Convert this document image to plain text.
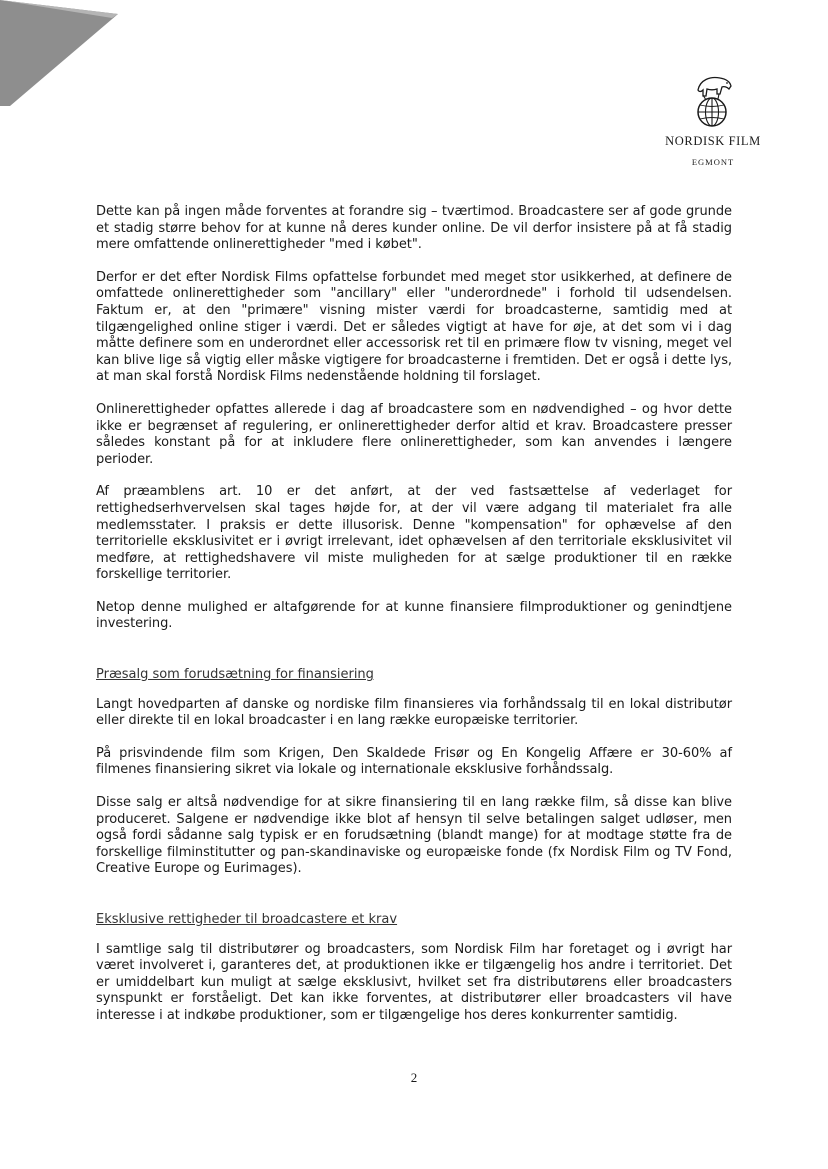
NORDISK FILM
EGMONT

Dette kan på ingen måde forventes at forandre sig – tværtimod. Broadcastere ser af gode grunde et stadig større behov for at kunne nå deres kunder online. De vil derfor insistere på at få stadig mere omfattende onlinerettigheder "med i købet".

Derfor er det efter Nordisk Films opfattelse forbundet med meget stor usikkerhed, at definere de omfattede onlinerettigheder som "ancillary" eller "underordnede" i forhold til udsendelsen. Faktum er, at den "primære" visning mister værdi for broadcasterne, samtidig med at tilgængelighed online stiger i værdi. Det er således vigtigt at have for øje, at det som vi i dag måtte definere som en underordnet eller accessorisk ret til en primære flow tv visning, meget vel kan blive lige så vigtig eller måske vigtigere for broadcasterne i fremtiden. Det er også i dette lys, at man skal forstå Nordisk Films nedenstående holdning til forslaget.

Onlinerettigheder opfattes allerede i dag af broadcastere som en nødvendighed – og hvor dette ikke er begrænset af regulering, er onlinerettigheder derfor altid et krav. Broadcastere presser således konstant på for at inkludere flere onlinerettigheder, som kan anvendes i længere perioder.

Af præamblens art. 10 er det anført, at der ved fastsættelse af vederlaget for rettighedserhvervelsen skal tages højde for, at der vil være adgang til materialet fra alle medlemsstater. I praksis er dette illusorisk. Denne "kompensation" for ophævelse af den territorielle eksklusivitet er i øvrigt irrelevant, idet ophævelsen af den territoriale eksklusivitet vil medføre, at rettighedshavere vil miste muligheden for at sælge produktioner til en række forskellige territorier.

Netop denne mulighed er altafgørende for at kunne finansiere filmproduktioner og genindtjene investering.

Præsalg som forudsætning for finansiering

Langt hovedparten af danske og nordiske film finansieres via forhåndssalg til en lokal distributør eller direkte til en lokal broadcaster i en lang række europæiske territorier.

På prisvindende film som Krigen, Den Skaldede Frisør og En Kongelig Affære er 30-60% af filmenes finansiering sikret via lokale og internationale eksklusive forhåndssalg.

Disse salg er altså nødvendige for at sikre finansiering til en lang række film, så disse kan blive produceret. Salgene er nødvendige ikke blot af hensyn til selve betalingen salget udløser, men også fordi sådanne salg typisk er en forudsætning (blandt mange) for at modtage støtte fra de forskellige filminstitutter og pan-skandinaviske og europæiske fonde (fx Nordisk Film og TV Fond, Creative Europe og Eurimages).

Eksklusive rettigheder til broadcastere et krav

I samtlige salg til distributører og broadcasters, som Nordisk Film har foretaget og i øvrigt har været involveret i, garanteres det, at produktionen ikke er tilgængelig hos andre i territoriet. Det er umiddelbart kun muligt at sælge eksklusivt, hvilket set fra distributørens eller broadcasters synspunkt er forståeligt. Det kan ikke forventes, at distributører eller broadcasters vil have interesse i at indkøbe produktioner, som er tilgængelige hos deres konkurrenter samtidig.

2
